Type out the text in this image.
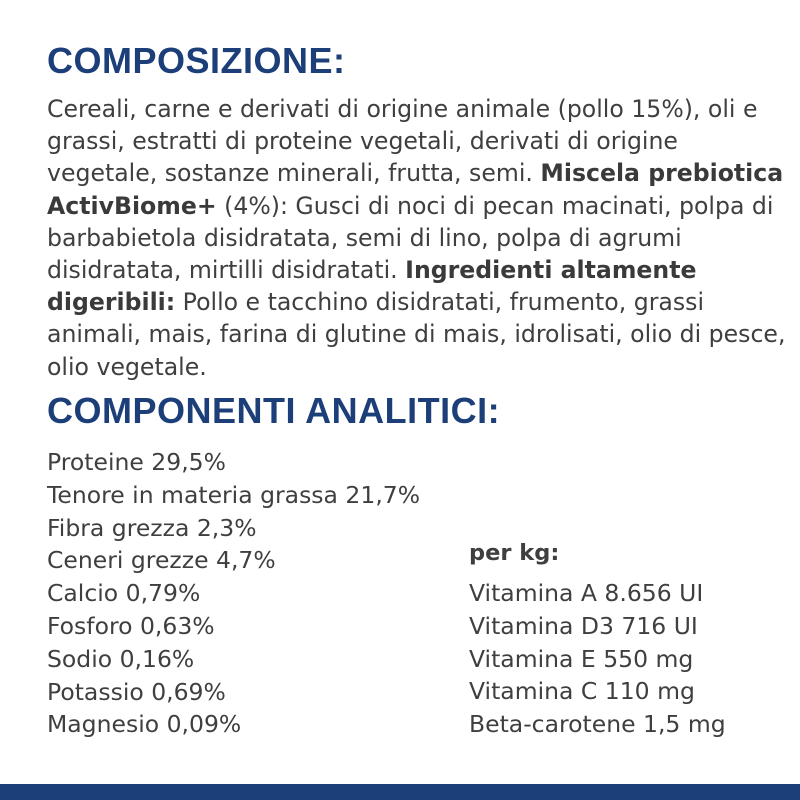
COMPOSIZIONE:

Cereali, carne e derivati di origine animale (pollo 15%), oli e grassi, estratti di proteine vegetali, derivati di origine vegetale, sostanze minerali, frutta, semi. Miscela prebiotica ActivBiome+ (4%): Gusci di noci di pecan macinati, polpa di barbabietola disidratata, semi di lino, polpa di agrumi disidratata, mirtilli disidratati. Ingredienti altamente digeribili: Pollo e tacchino disidratati, frumento, grassi animali, mais, farina di glutine di mais, idrolisati, olio di pesce, olio vegetale.

COMPONENTI ANALITICI:
Proteine 29,5%
Tenore in materia grassa 21,7%
Fibra grezza 2,3%
Ceneri grezze 4,7%
Calcio 0,79%
Fosforo 0,63%
Sodio 0,16%
Potassio 0,69%
Magnesio 0,09%
per kg:
Vitamina A 8.656 UI
Vitamina D3 716 UI
Vitamina E 550 mg
Vitamina C 110 mg
Beta-carotene 1,5 mg
